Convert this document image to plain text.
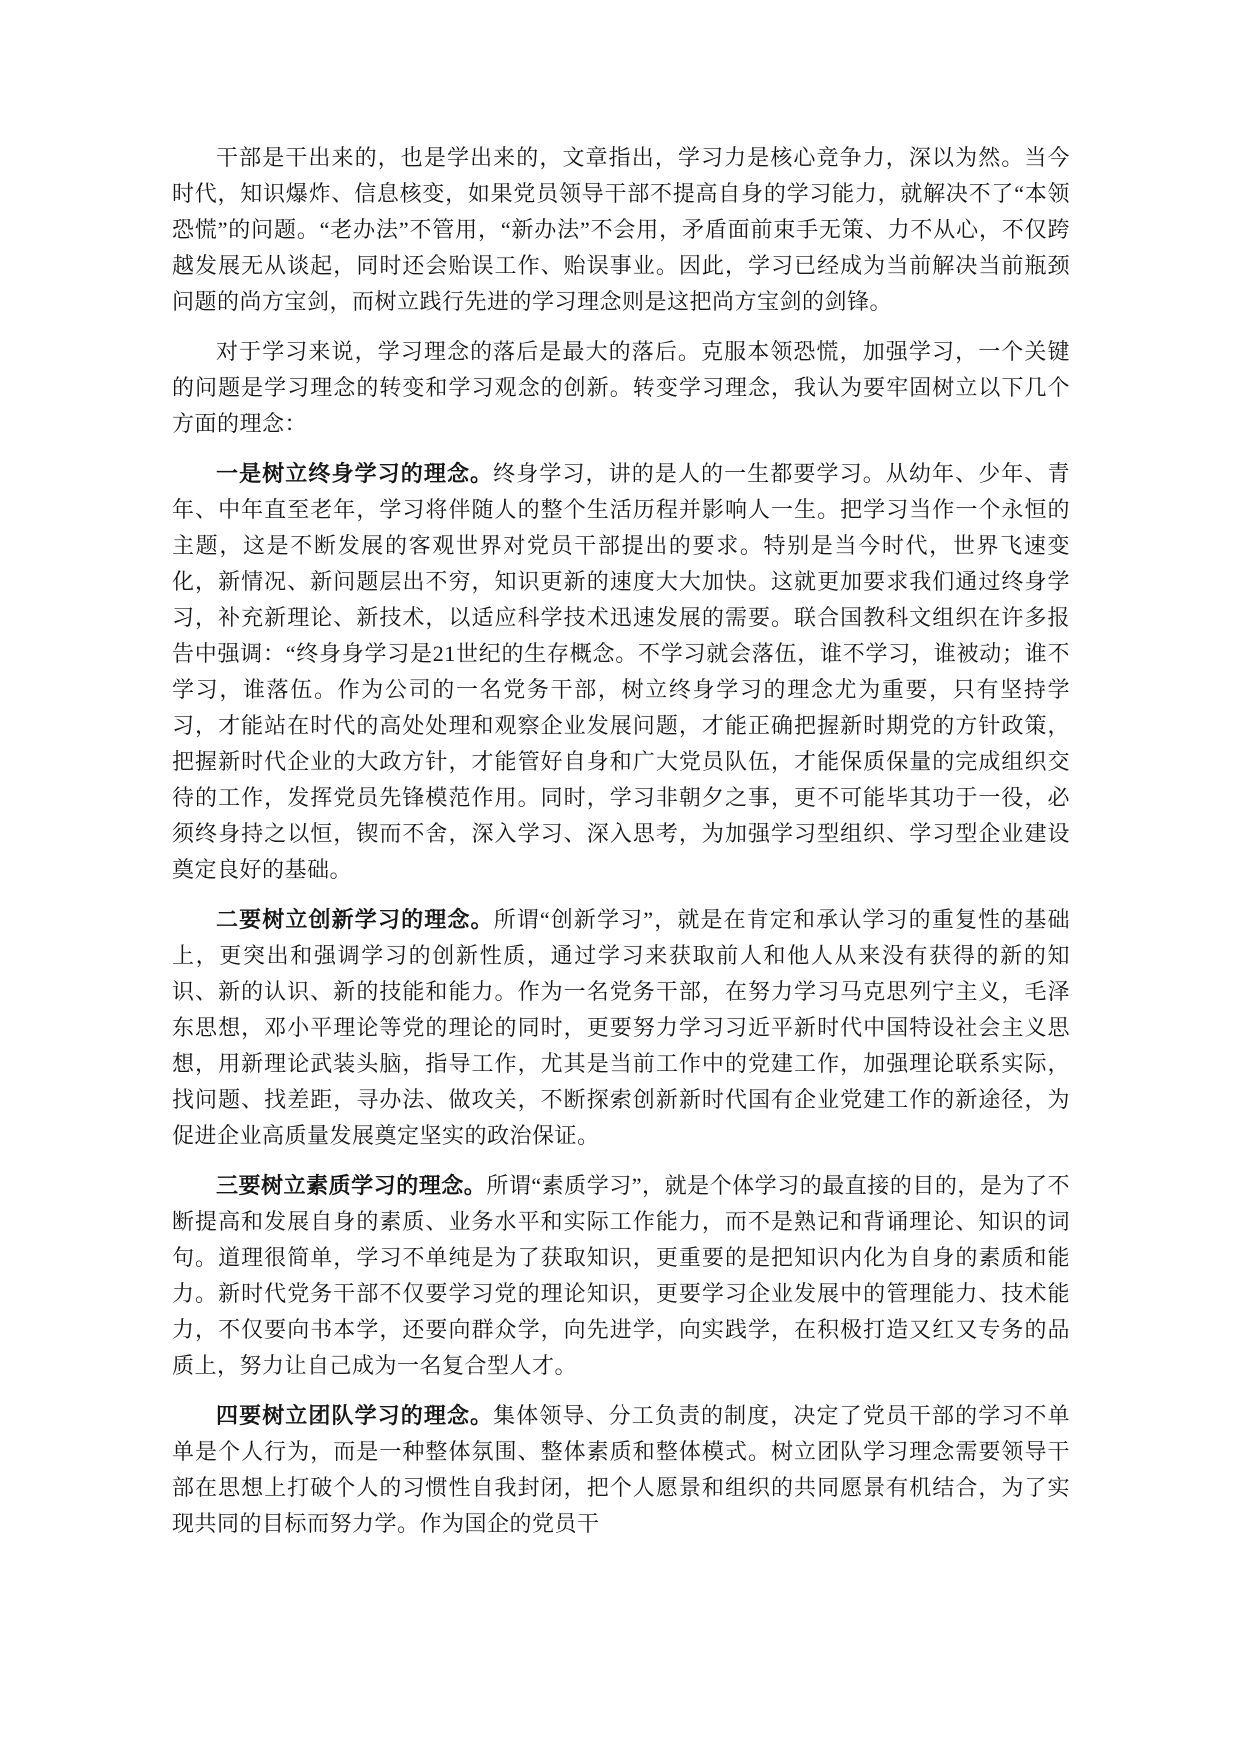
干部是干出来的，也是学出来的，文章指出，学习力是核心竞争力，深以为然。当今时代，知识爆炸、信息核变，如果党员领导干部不提高自身的学习能力，就解决不了“本领恐慌”的问题。“老办法”不管用，“新办法”不会用，矛盾面前束手无策、力不从心，不仅跨越发展无从谈起，同时还会贻误工作、贻误事业。因此，学习已经成为当前解决当前瓶颈问题的尚方宝剑，而树立践行先进的学习理念则是这把尚方宝剑的剑锋。

对于学习来说，学习理念的落后是最大的落后。克服本领恐慌，加强学习，一个关键的问题是学习理念的转变和学习观念的创新。转变学习理念，我认为要牢固树立以下几个方面的理念：

一是树立终身学习的理念。终身学习，讲的是人的一生都要学习。从幼年、少年、青年、中年直至老年，学习将伴随人的整个生活历程并影响人一生。把学习当作一个永恒的主题，这是不断发展的客观世界对党员干部提出的要求。特别是当今时代，世界飞速变化，新情况、新问题层出不穷，知识更新的速度大大加快。这就更加要求我们通过终身学习，补充新理论、新技术，以适应科学技术迅速发展的需要。联合国教科文组织在许多报告中强调：“终身身学习是21世纪的生存概念。不学习就会落伍，谁不学习，谁被动；谁不学习，谁落伍。作为公司的一名党务干部，树立终身学习的理念尤为重要，只有坚持学习，才能站在时代的高处处理和观察企业发展问题，才能正确把握新时期党的方针政策，把握新时代企业的大政方针，才能管好自身和广大党员队伍，才能保质保量的完成组织交待的工作，发挥党员先锋模范作用。同时，学习非朝夕之事，更不可能毕其功于一役，必须终身持之以恒，锲而不舍，深入学习、深入思考，为加强学习型组织、学习型企业建设奠定良好的基础。

二要树立创新学习的理念。所谓“创新学习”，就是在肯定和承认学习的重复性的基础上，更突出和强调学习的创新性质，通过学习来获取前人和他人从来没有获得的新的知识、新的认识、新的技能和能力。作为一名党务干部，在努力学习马克思列宁主义，毛泽东思想，邓小平理论等党的理论的同时，更要努力学习习近平新时代中国特设社会主义思想，用新理论武装头脑，指导工作，尤其是当前工作中的党建工作，加强理论联系实际，找问题、找差距，寻办法、做攻关，不断探索创新新时代国有企业党建工作的新途径，为促进企业高质量发展奠定坚实的政治保证。

三要树立素质学习的理念。所谓“素质学习”，就是个体学习的最直接的目的，是为了不断提高和发展自身的素质、业务水平和实际工作能力，而不是熟记和背诵理论、知识的词句。道理很简单，学习不单纯是为了获取知识，更重要的是把知识内化为自身的素质和能力。新时代党务干部不仅要学习党的理论知识，更要学习企业发展中的管理能力、技术能力，不仅要向书本学，还要向群众学，向先进学，向实践学，在积极打造又红又专务的品质上，努力让自己成为一名复合型人才。

四要树立团队学习的理念。集体领导、分工负责的制度，决定了党员干部的学习不单单是个人行为，而是一种整体氛围、整体素质和整体模式。树立团队学习理念需要领导干部在思想上打破个人的习惯性自我封闭，把个人愿景和组织的共同愿景有机结合，为了实现共同的目标而努力学。作为国企的党员干
